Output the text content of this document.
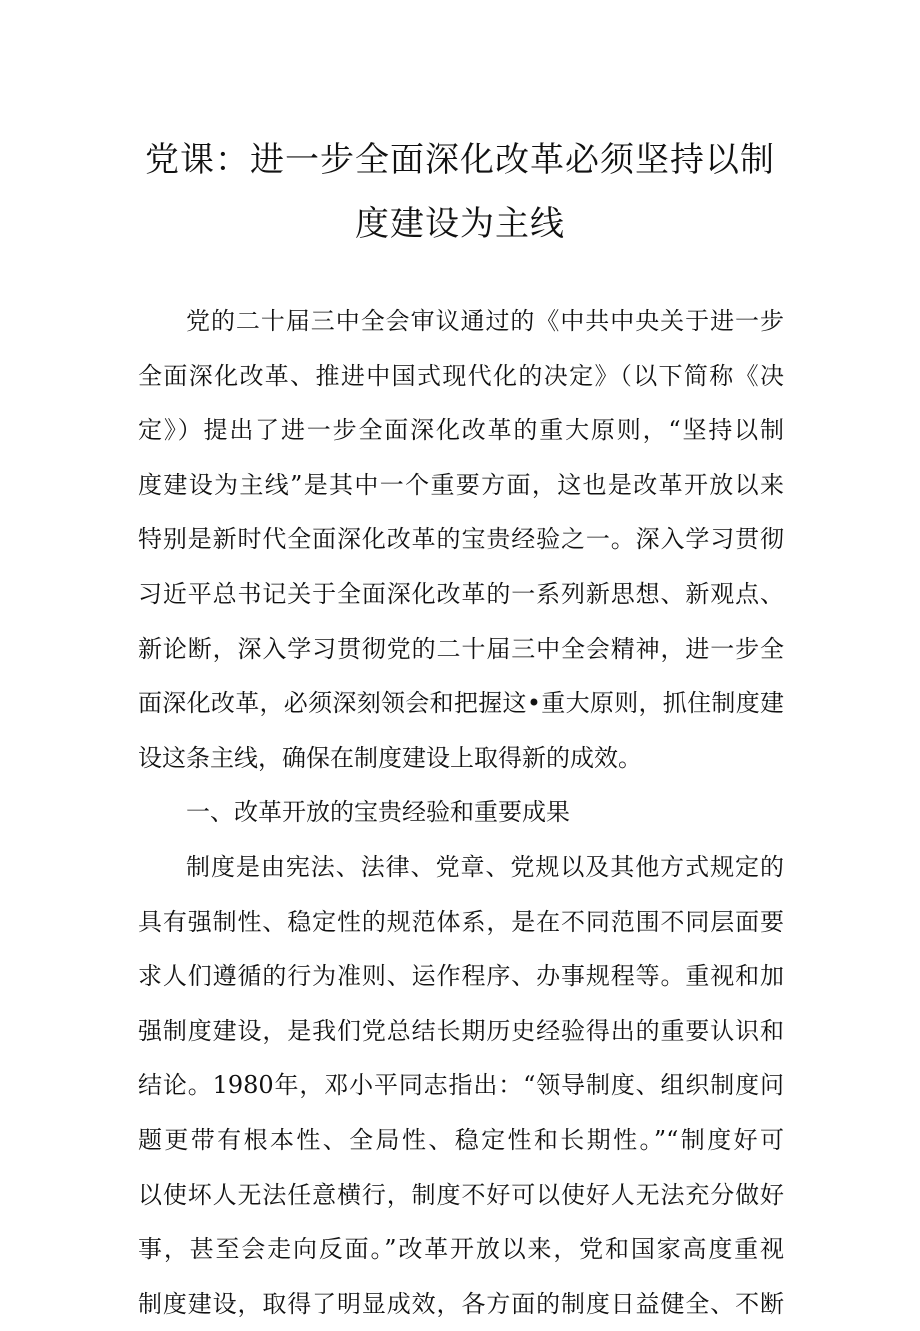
党课：进一步全面深化改革必须坚持以制
度建设为主线
党的二十届三中全会审议通过的《中共中央关于进一步
全面深化改革、推进中国式现代化的决定》（以下简称《决
定》）提出了进一步全面深化改革的重大原则，“坚持以制
度建设为主线”是其中一个重要方面，这也是改革开放以来
特别是新时代全面深化改革的宝贵经验之一。深入学习贯彻
习近平总书记关于全面深化改革的一系列新思想、新观点、
新论断，深入学习贯彻党的二十届三中全会精神，进一步全
面深化改革，必须深刻领会和把握这•重大原则，抓住制度建
设这条主线，确保在制度建设上取得新的成效。
一、改革开放的宝贵经验和重要成果
制度是由宪法、法律、党章、党规以及其他方式规定的
具有强制性、稳定性的规范体系，是在不同范围不同层面要
求人们遵循的行为准则、运作程序、办事规程等。重视和加
强制度建设，是我们党总结长期历史经验得出的重要认识和
结论。1980年，邓小平同志指出：“领导制度、组织制度问
题更带有根本性、全局性、稳定性和长期性。”“制度好可
以使坏人无法任意横行，制度不好可以使好人无法充分做好
事，甚至会走向反面。”改革开放以来，党和国家高度重视
制度建设，取得了明显成效，各方面的制度日益健全、不断
